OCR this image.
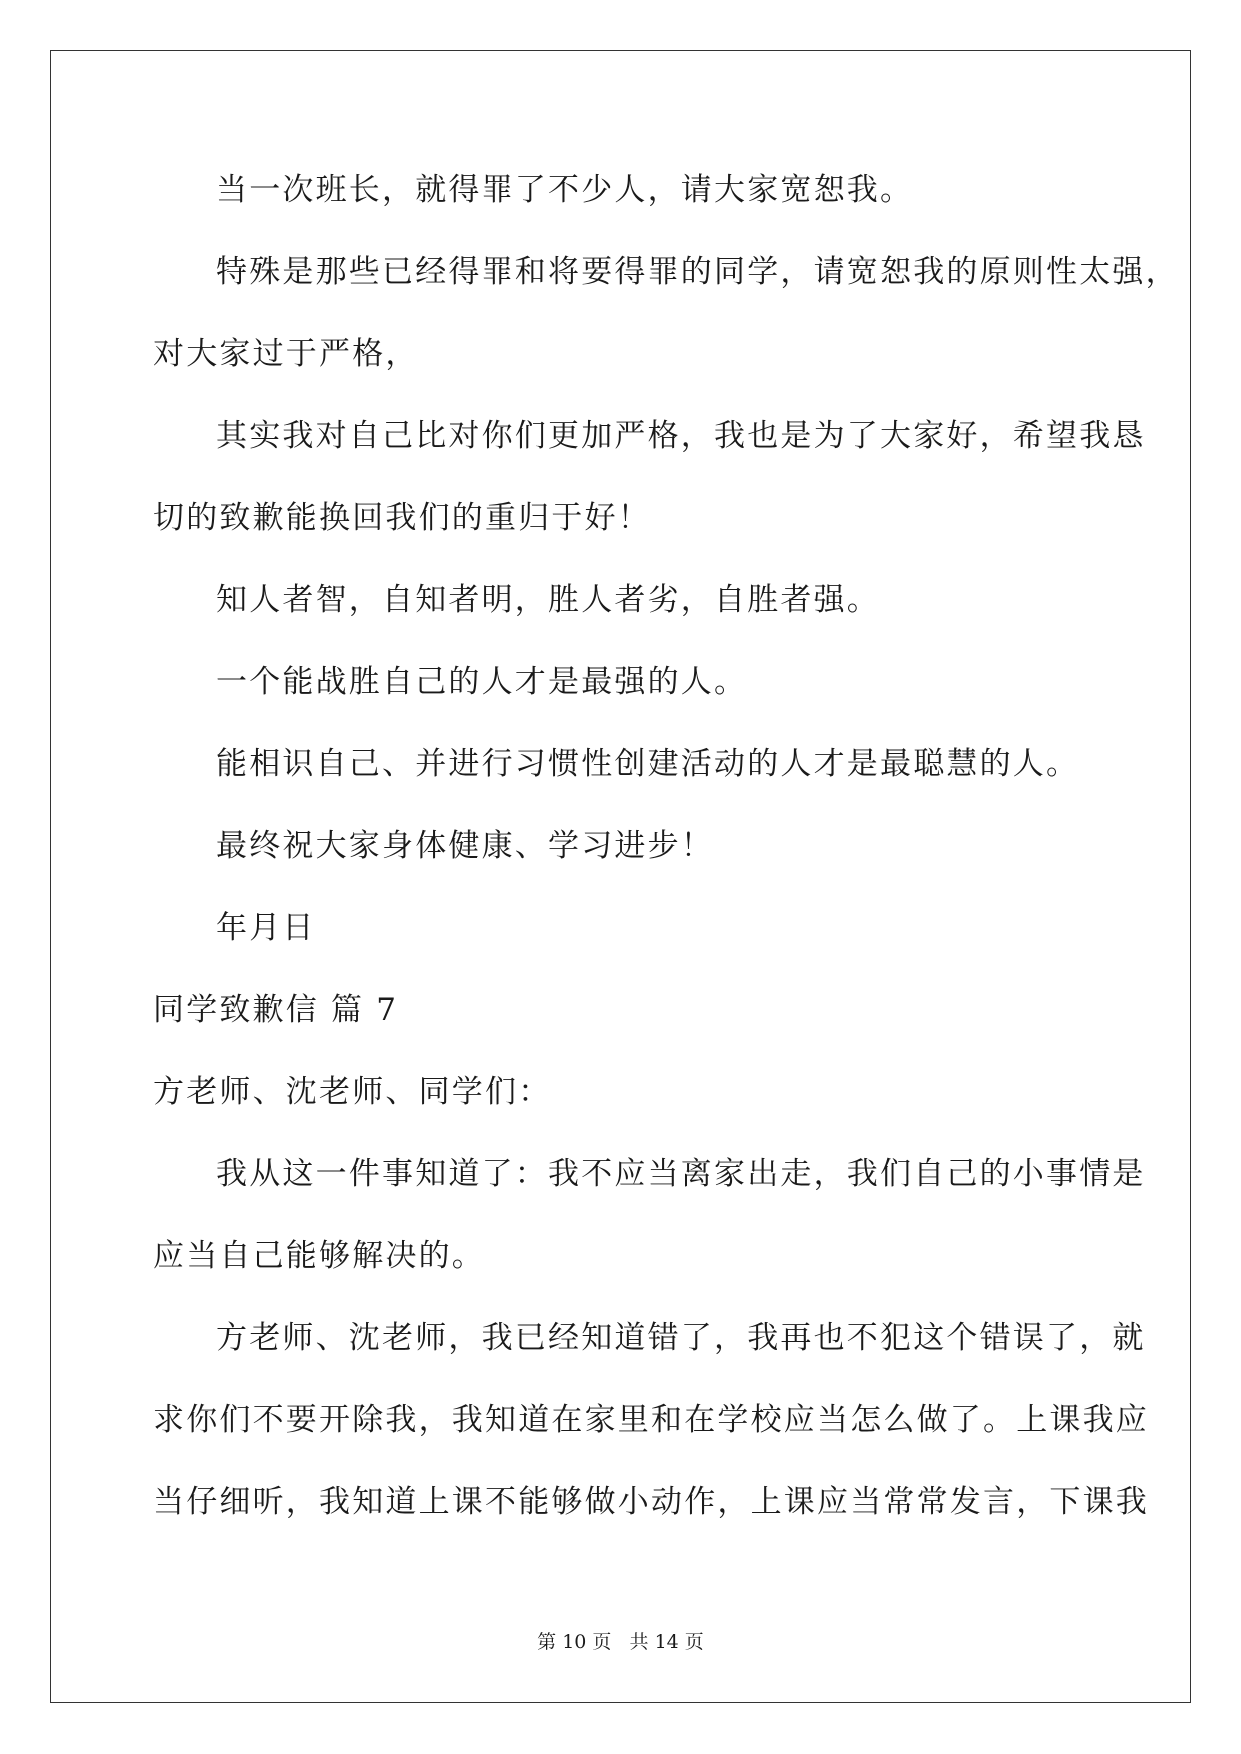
当一次班长，就得罪了不少人，请大家宽恕我。
特殊是那些已经得罪和将要得罪的同学，请宽恕我的原则性太强，
对大家过于严格，
其实我对自己比对你们更加严格，我也是为了大家好，希望我恳
切的致歉能换回我们的重归于好！
知人者智，自知者明，胜人者劣，自胜者强。
一个能战胜自己的人才是最强的人。
能相识自己、并进行习惯性创建活动的人才是最聪慧的人。
最终祝大家身体健康、学习进步！
年月日
同学致歉信 篇 7
方老师、沈老师、同学们：
我从这一件事知道了：我不应当离家出走，我们自己的小事情是
应当自己能够解决的。
方老师、沈老师，我已经知道错了，我再也不犯这个错误了，就
求你们不要开除我，我知道在家里和在学校应当怎么做了。上课我应
当仔细听，我知道上课不能够做小动作，上课应当常常发言，下课我
第 10 页   共 14 页
